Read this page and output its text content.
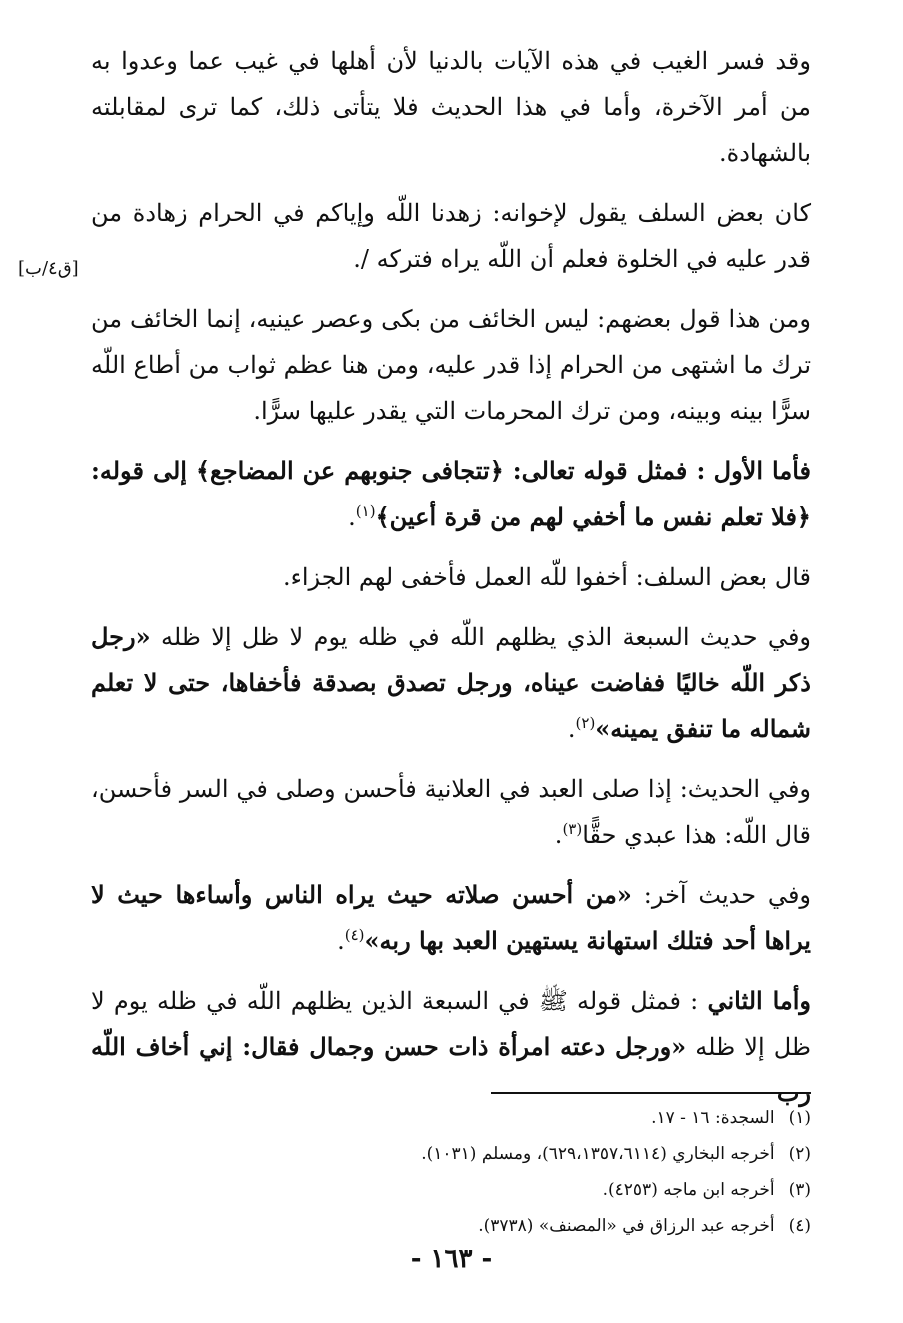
[ق٤/ب]

وقد فسر الغيب في هذه الآيات بالدنيا لأن أهلها في غيب عما وعدوا به من أمر الآخرة، وأما في هذا الحديث فلا يتأتى ذلك، كما ترى لمقابلته بالشهادة.

كان بعض السلف يقول لإخوانه: زهدنا اللّه وإياكم في الحرام زهادة من قدر عليه في الخلوة فعلم أن اللّه يراه فتركه /.

ومن هذا قول بعضهم: ليس الخائف من بكى وعصر عينيه، إنما الخائف من ترك ما اشتهى من الحرام إذا قدر عليه، ومن هنا عظم ثواب من أطاع اللّه سرًّا بينه وبينه، ومن ترك المحرمات التي يقدر عليها سرًّا.

فأما الأول : فمثل قوله تعالى: ﴿تتجافى جنوبهم عن المضاجع﴾ إلى قوله: ﴿فلا تعلم نفس ما أخفي لهم من قرة أعين﴾$^{(١)}$.

قال بعض السلف: أخفوا للّه العمل فأخفى لهم الجزاء.

وفي حديث السبعة الذي يظلهم اللّه في ظله يوم لا ظل إلا ظله «رجل ذكر اللّه خاليًا ففاضت عيناه، ورجل تصدق بصدقة فأخفاها، حتى لا تعلم شماله ما تنفق يمينه»$^{(٢)}$.

وفي الحديث: إذا صلى العبد في العلانية فأحسن وصلى في السر فأحسن، قال اللّه: هذا عبدي حقًّا$^{(٣)}$.

وفي حديث آخر: «من أحسن صلاته حيث يراه الناس وأساءها حيث لا يراها أحد فتلك استهانة يستهين العبد بها ربه»$^{(٤)}$.

وأما الثاني : فمثل قوله ﷺ في السبعة الذين يظلهم اللّه في ظله يوم لا ظل إلا ظله «ورجل دعته امرأة ذات حسن وجمال فقال: إني أخاف اللّه رب

(١)السجدة: ١٦ - ١٧.
(٢)أخرجه البخاري (٦٢٩،١٣٥٧،٦١١٤)، ومسلم (١٠٣١).
(٣)أخرجه ابن ماجه (٤٢٥٣).
(٤)أخرجه عبد الرزاق في «المصنف» (٣٧٣٨).
- ١٦٣ -
